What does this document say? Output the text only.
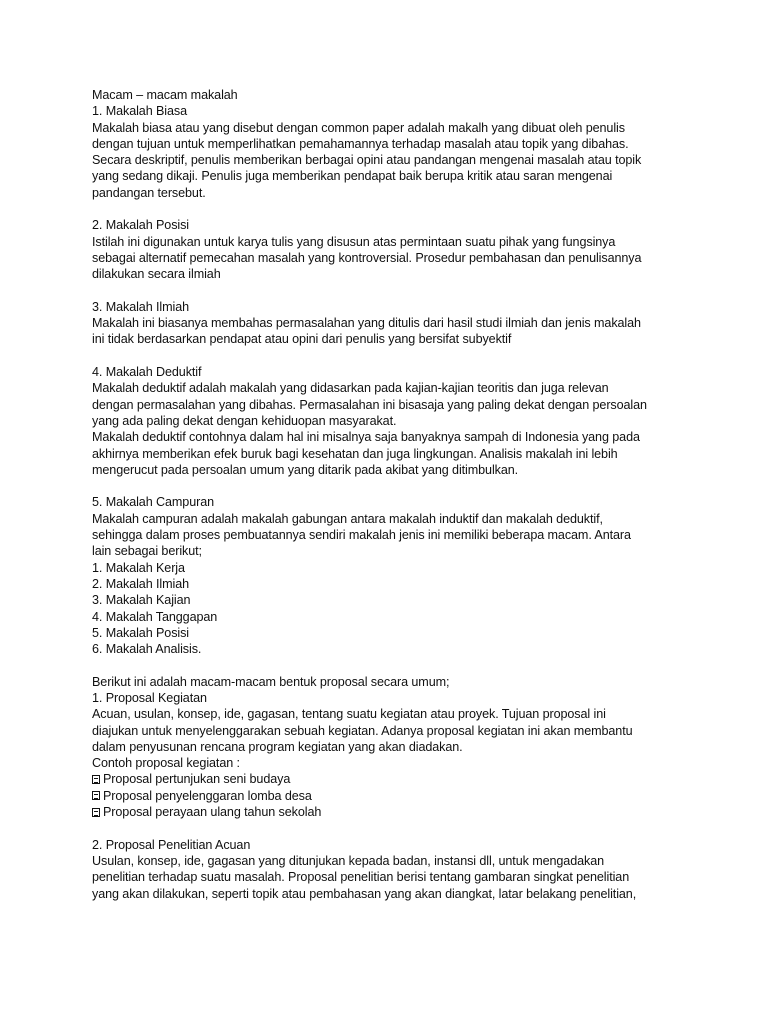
Macam – macam makalah
1. Makalah Biasa
Makalah biasa atau yang disebut dengan common paper adalah makalh yang dibuat oleh penulis
dengan tujuan untuk memperlihatkan pemahamannya terhadap masalah atau topik yang dibahas.
Secara deskriptif, penulis memberikan berbagai opini atau pandangan mengenai masalah atau topik
yang sedang dikaji. Penulis juga memberikan pendapat baik berupa kritik atau saran mengenai
pandangan tersebut.
2. Makalah Posisi
Istilah ini digunakan untuk karya tulis yang disusun atas permintaan suatu pihak yang fungsinya
sebagai alternatif pemecahan masalah yang kontroversial. Prosedur pembahasan dan penulisannya
dilakukan secara ilmiah
3. Makalah Ilmiah
Makalah ini biasanya membahas permasalahan yang ditulis dari hasil studi ilmiah dan jenis makalah
ini tidak berdasarkan pendapat atau opini dari penulis yang bersifat subyektif
4. Makalah Deduktif
Makalah deduktif adalah makalah yang didasarkan pada kajian-kajian teoritis dan juga relevan
dengan permasalahan yang dibahas. Permasalahan ini bisasaja yang paling dekat dengan persoalan
yang ada paling dekat dengan kehiduopan masyarakat.
Makalah deduktif contohnya dalam hal ini misalnya saja banyaknya sampah di Indonesia yang pada
akhirnya memberikan efek buruk bagi kesehatan dan juga lingkungan. Analisis makalah ini lebih
mengerucut pada persoalan umum yang ditarik pada akibat yang ditimbulkan.
5. Makalah Campuran
Makalah campuran adalah makalah gabungan antara makalah induktif dan makalah deduktif,
sehingga dalam proses pembuatannya sendiri makalah jenis ini memiliki beberapa macam. Antara
lain sebagai berikut;
1. Makalah Kerja
2. Makalah Ilmiah
3. Makalah Kajian
4. Makalah Tanggapan
5. Makalah Posisi
6. Makalah Analisis.
Berikut ini adalah macam-macam bentuk proposal secara umum;
1. Proposal Kegiatan
Acuan, usulan, konsep, ide, gagasan, tentang suatu kegiatan atau proyek. Tujuan proposal ini
diajukan untuk menyelenggarakan sebuah kegiatan. Adanya proposal kegiatan ini akan membantu
dalam penyusunan rencana program kegiatan yang akan diadakan.
Contoh proposal kegiatan :
Proposal pertunjukan seni budaya
Proposal penyelenggaran lomba desa
Proposal perayaan ulang tahun sekolah
2. Proposal Penelitian Acuan
Usulan, konsep, ide, gagasan yang ditunjukan kepada badan, instansi dll, untuk mengadakan
penelitian terhadap suatu masalah. Proposal penelitian berisi tentang gambaran singkat penelitian
yang akan dilakukan, seperti topik atau pembahasan yang akan diangkat, latar belakang penelitian,
